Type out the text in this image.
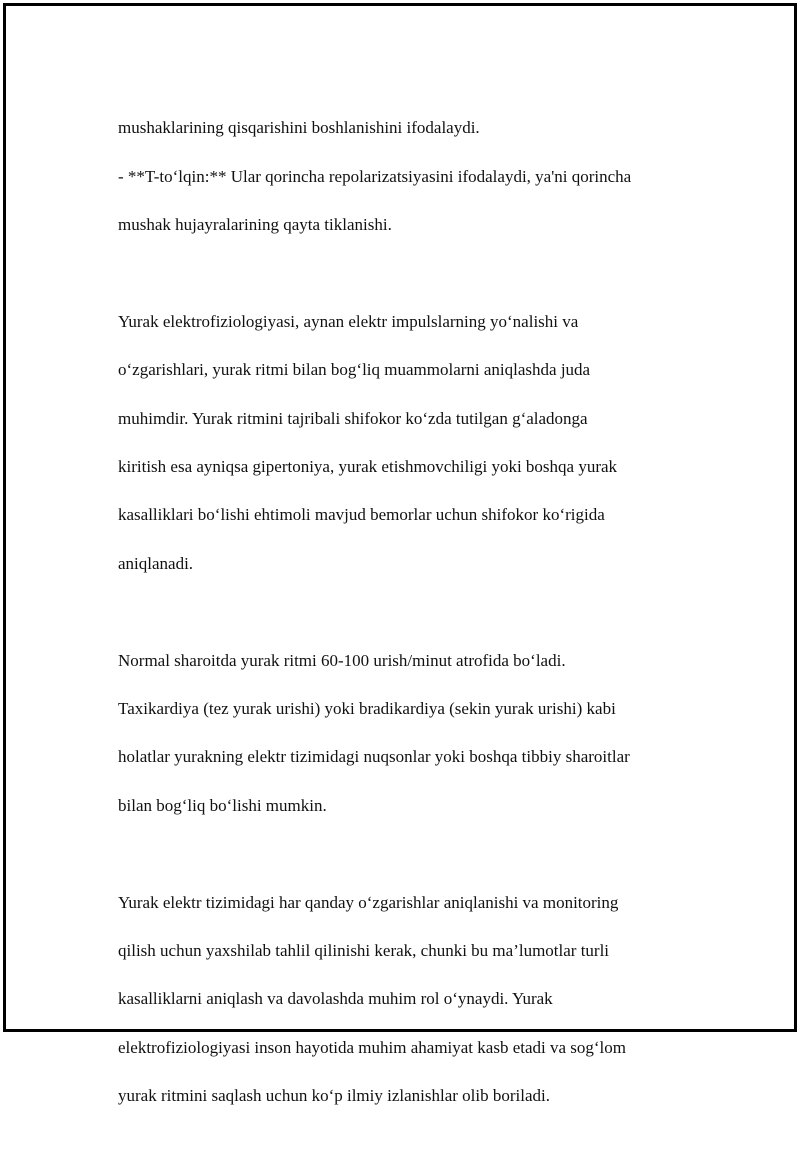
mushaklarining qisqarishini boshlanishini ifodalaydi.

- **T-to‘lqin:** Ular qorincha repolarizatsiyasini ifodalaydi, ya'ni qorincha

mushak hujayralarining qayta tiklanishi.

Yurak elektrofiziologiyasi, aynan elektr impulslarning yo‘nalishi va

o‘zgarishlari, yurak ritmi bilan bog‘liq muammolarni aniqlashda juda

muhimdir. Yurak ritmini tajribali shifokor ko‘zda tutilgan g‘aladonga

kiritish esa ayniqsa gipertoniya, yurak etishmovchiligi yoki boshqa yurak

kasalliklari bo‘lishi ehtimoli mavjud bemorlar uchun shifokor ko‘rigida

aniqlanadi.

Normal sharoitda yurak ritmi 60-100 urish/minut atrofida bo‘ladi.

Taxikardiya (tez yurak urishi) yoki bradikardiya (sekin yurak urishi) kabi

holatlar yurakning elektr tizimidagi nuqsonlar yoki boshqa tibbiy sharoitlar

bilan bog‘liq bo‘lishi mumkin.

Yurak elektr tizimidagi har qanday o‘zgarishlar aniqlanishi va monitoring

qilish uchun yaxshilab tahlil qilinishi kerak, chunki bu ma’lumotlar turli

kasalliklarni aniqlash va davolashda muhim rol o‘ynaydi. Yurak

elektrofiziologiyasi inson hayotida muhim ahamiyat kasb etadi va sog‘lom

yurak ritmini saqlash uchun ko‘p ilmiy izlanishlar olib boriladi.
